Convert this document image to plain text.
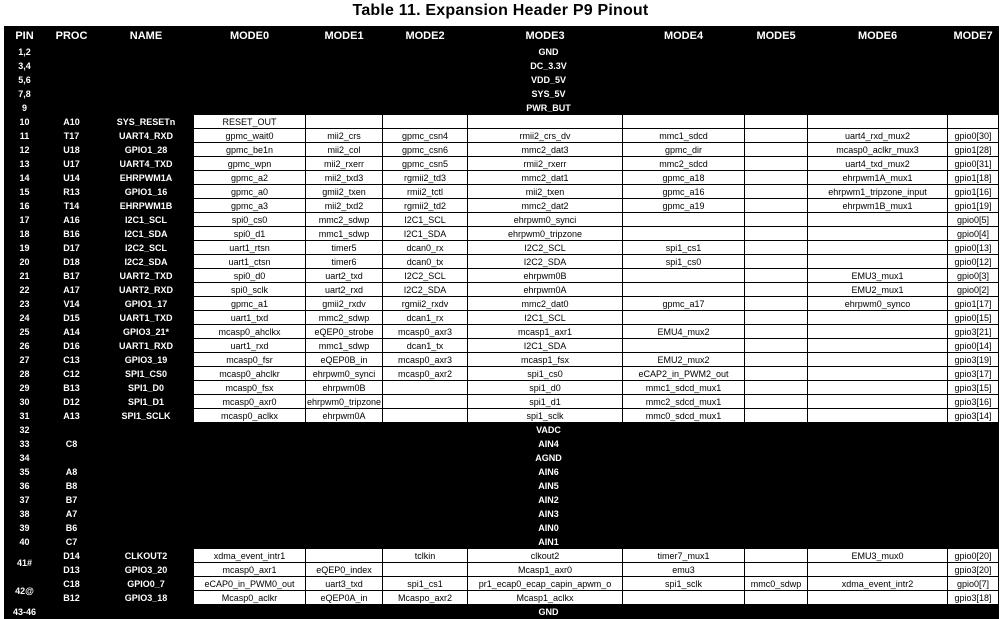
Table 11. Expansion Header P9 Pinout
PIN	PROC	NAME	MODE0	MODE1	MODE2	MODE3	MODE4	MODE5	MODE6	MODE7
1,2		GND								
3,4		DC_3.3V								
5,6		VDD_5V								
7,8		SYS_5V								
9		PWR_BUT								
10	A10	SYS_RESETn	RESET_OUT							
11	T17	UART4_RXD	gpmc_wait0	mii2_crs	gpmc_csn4	rmii2_crs_dv	mmc1_sdcd		uart4_rxd_mux2	gpio0[30]
12	U18	GPIO1_28	gpmc_be1n	mii2_col	gpmc_csn6	mmc2_dat3	gpmc_dir		mcasp0_aclkr_mux3	gpio1[28]
13	U17	UART4_TXD	gpmc_wpn	mii2_rxerr	gpmc_csn5	rmii2_rxerr	mmc2_sdcd		uart4_txd_mux2	gpio0[31]
14	U14	EHRPWM1A	gpmc_a2	mii2_txd3	rgmii2_td3	mmc2_dat1	gpmc_a18		ehrpwm1A_mux1	gpio1[18]
15	R13	GPIO1_16	gpmc_a0	gmii2_txen	rmii2_tctl	mii2_txen	gpmc_a16		ehrpwm1_tripzone_input	gpio1[16]
16	T14	EHRPWM1B	gpmc_a3	mii2_txd2	rgmii2_td2	mmc2_dat2	gpmc_a19		ehrpwm1B_mux1	gpio1[19]
17	A16	I2C1_SCL	spi0_cs0	mmc2_sdwp	I2C1_SCL	ehrpwm0_synci				gpio0[5]
18	B16	I2C1_SDA	spi0_d1	mmc1_sdwp	I2C1_SDA	ehrpwm0_tripzone				gpio0[4]
19	D17	I2C2_SCL	uart1_rtsn	timer5	dcan0_rx	I2C2_SCL	spi1_cs1			gpio0[13]
20	D18	I2C2_SDA	uart1_ctsn	timer6	dcan0_tx	I2C2_SDA	spi1_cs0			gpio0[12]
21	B17	UART2_TXD	spi0_d0	uart2_txd	I2C2_SCL	ehrpwm0B			EMU3_mux1	gpio0[3]
22	A17	UART2_RXD	spi0_sclk	uart2_rxd	I2C2_SDA	ehrpwm0A			EMU2_mux1	gpio0[2]
23	V14	GPIO1_17	gpmc_a1	gmii2_rxdv	rgmii2_rxdv	mmc2_dat0	gpmc_a17		ehrpwm0_synco	gpio1[17]
24	D15	UART1_TXD	uart1_txd	mmc2_sdwp	dcan1_rx	I2C1_SCL				gpio0[15]
25	A14	GPIO3_21*	mcasp0_ahclkx	eQEP0_strobe	mcasp0_axr3	mcasp1_axr1	EMU4_mux2			gpio3[21]
26	D16	UART1_RXD	uart1_rxd	mmc1_sdwp	dcan1_tx	I2C1_SDA				gpio0[14]
27	C13	GPIO3_19	mcasp0_fsr	eQEP0B_in	mcasp0_axr3	mcasp1_fsx	EMU2_mux2			gpio3[19]
28	C12	SPI1_CS0	mcasp0_ahclkr	ehrpwm0_synci	mcasp0_axr2	spi1_cs0	eCAP2_in_PWM2_out			gpio3[17]
29	B13	SPI1_D0	mcasp0_fsx	ehrpwm0B		spi1_d0	mmc1_sdcd_mux1			gpio3[15]
30	D12	SPI1_D1	mcasp0_axr0	ehrpwm0_tripzone		spi1_d1	mmc2_sdcd_mux1			gpio3[16]
31	A13	SPI1_SCLK	mcasp0_aclkx	ehrpwm0A		spi1_sclk	mmc0_sdcd_mux1			gpio3[14]
32		VADC								
33	C8	AIN4								
34		AGND								
35	A8	AIN6								
36	B8	AIN5								
37	B7	AIN2								
38	A7	AIN3								
39	B6	AIN0								
40	C7	AIN1								
41#	D14	CLKOUT2	xdma_event_intr1		tclkin	clkout2	timer7_mux1		EMU3_mux0	gpio0[20]
	D13	GPIO3_20	mcasp0_axr1	eQEP0_index		Mcasp1_axr0	emu3			gpio3[20]
42@	C18	GPIO0_7	eCAP0_in_PWM0_out	uart3_txd	spi1_cs1	pr1_ecap0_ecap_capin_apwm_o	spi1_sclk	mmc0_sdwp	xdma_event_intr2	gpio0[7]
	B12	GPIO3_18	Mcasp0_aclkr	eQEP0A_in	Mcaspo_axr2	Mcasp1_aclkx				gpio3[18]
43-46		GND								
